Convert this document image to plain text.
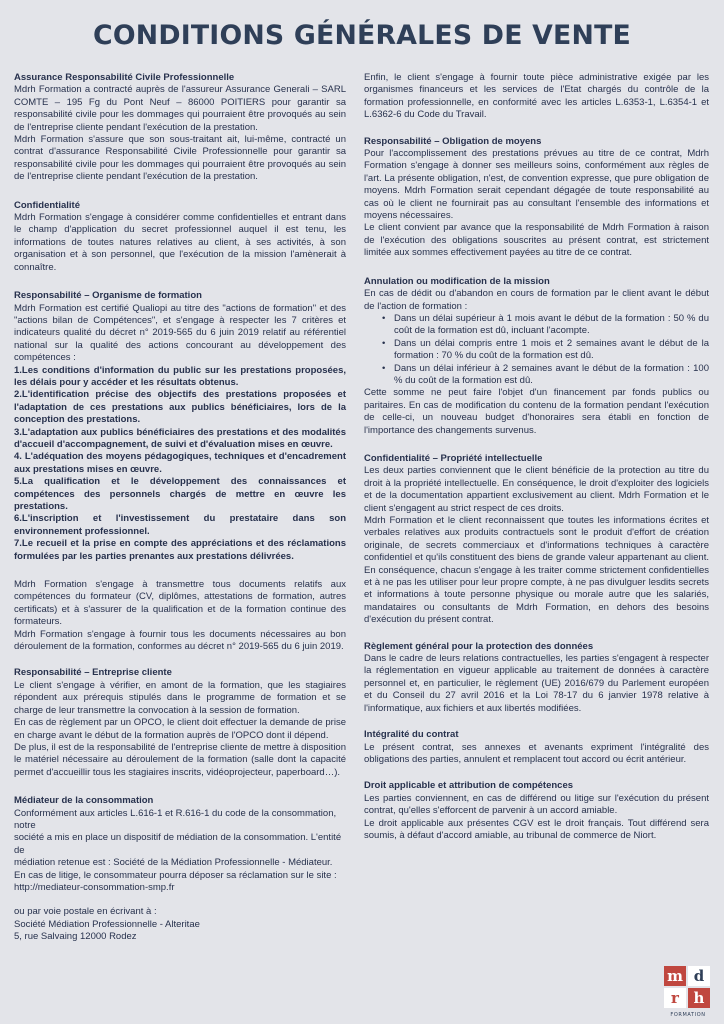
CONDITIONS GÉNÉRALES DE VENTE
Assurance Responsabilité Civile Professionnelle

Mdrh Formation a contracté auprès de l'assureur Assurance Generali – SARL COMTE – 195 Fg du Pont Neuf – 86000 POITIERS pour garantir sa responsabilité civile pour les dommages qui pourraient être provoqués au sein de l'entreprise cliente pendant l'exécution de la prestation.

Mdrh Formation s'assure que son sous-traitant ait, lui-même, contracté un contrat d'assurance Responsabilité Civile Professionnelle pour garantir sa responsabilité civile pour les dommages qui pourraient être provoqués au sein de l'entreprise cliente pendant l'exécution de la prestation.

Confidentialité

Mdrh Formation s'engage à considérer comme confidentielles et entrant dans le champ d'application du secret professionnel auquel il est tenu, les informations de toutes natures relatives au client, à ses activités, à son organisation et à son personnel, que l'exécution de la mission l'amènerait à connaître.

Responsabilité – Organisme de formation

Mdrh Formation est certifié Qualiopi au titre des "actions de formation" et des "actions bilan de Compétences", et s'engage à respecter les 7 critères et indicateurs qualité du décret n° 2019-565 du 6 juin 2019 relatif au référentiel national sur la qualité des actions concourant au développement des compétences :

1.Les conditions d'information du public sur les prestations proposées, les délais pour y accéder et les résultats obtenus.

2.L'identification précise des objectifs des prestations proposées et l'adaptation de ces prestations aux publics bénéficiaires, lors de la conception des prestations.

3.L'adaptation aux publics bénéficiaires des prestations et des modalités d'accueil d'accompagnement, de suivi et d'évaluation mises en œuvre.

4. L'adéquation des moyens pédagogiques, techniques et d'encadrement aux prestations mises en œuvre.

5.La qualification et le développement des connaissances et compétences des personnels chargés de mettre en œuvre les prestations.

6.L'inscription et l'investissement du prestataire dans son environnement professionnel.

7.Le recueil et la prise en compte des appréciations et des réclamations formulées par les parties prenantes aux prestations délivrées.

Mdrh Formation s'engage à transmettre tous documents relatifs aux compétences du formateur (CV, diplômes, attestations de formation, autres certificats) et à s'assurer de la qualification et de la formation continue des formateurs.

Mdrh Formation s'engage à fournir tous les documents nécessaires au bon déroulement de la formation, conformes au décret n° 2019-565 du 6 juin 2019.

Responsabilité – Entreprise cliente

Le client s'engage à vérifier, en amont de la formation, que les stagiaires répondent aux prérequis stipulés dans le programme de formation et se charge de leur transmettre la convocation à la session de formation.

En cas de règlement par un OPCO, le client doit effectuer la demande de prise en charge avant le début de la formation auprès de l'OPCO dont il dépend.

De plus, il est de la responsabilité de l'entreprise cliente de mettre à disposition le matériel nécessaire au déroulement de la formation (salle dont la capacité permet d'accueillir tous les stagiaires inscrits, vidéoprojecteur, paperboard…).

Médiateur de la consommation

Conformément aux articles L.616-1 et R.616-1 du code de la consommation, notre

société a mis en place un dispositif de médiation de la consommation. L'entité de

médiation retenue est : Société de la Médiation Professionnelle - Médiateur.

En cas de litige, le consommateur pourra déposer sa réclamation sur le site :

http://mediateur-consommation-smp.fr

ou par voie postale en écrivant à :

Société Médiation Professionnelle - Alteritae

5, rue Salvaing 12000 Rodez

Enfin, le client s'engage à fournir toute pièce administrative exigée par les organismes financeurs et les services de l'Etat chargés du contrôle de la formation professionnelle, en conformité avec les articles L.6353-1, L.6354-1 et L.6362-6 du Code du Travail.

Responsabilité – Obligation de moyens

Pour l'accomplissement des prestations prévues au titre de ce contrat, Mdrh Formation s'engage à donner ses meilleurs soins, conformément aux règles de l'art. La présente obligation, n'est, de convention expresse, que pure obligation de moyens. Mdrh Formation serait cependant dégagée de toute responsabilité au cas où le client ne fournirait pas au consultant l'ensemble des informations et moyens nécessaires.

Le client convient par avance que la responsabilité de Mdrh Formation à raison de l'exécution des obligations souscrites au présent contrat, est strictement limitée aux sommes effectivement payées au titre de ce contrat.

Annulation ou modification de la mission

En cas de dédit ou d'abandon en cours de formation par le client avant le début de l'action de formation :

• Dans un délai supérieur à 1 mois avant le début de la formation : 50 % du coût de la formation est dû, incluant l'acompte.
• Dans un délai compris entre 1 mois et 2 semaines avant le début de la formation : 70 % du coût de la formation est dû.
• Dans un délai inférieur à 2 semaines avant le début de la formation : 100 % du coût de la formation est dû.

Cette somme ne peut faire l'objet d'un financement par fonds publics ou paritaires. En cas de modification du contenu de la formation pendant l'exécution de celle-ci, un nouveau budget d'honoraires sera établi en fonction de l'importance des changements survenus.

Confidentialité – Propriété intellectuelle

Les deux parties conviennent que le client bénéficie de la protection au titre du droit à la propriété intellectuelle. En conséquence, le droit d'exploiter des logiciels et de la documentation appartient exclusivement au client. Mdrh Formation et le client s'engagent au strict respect de ces droits.

Mdrh Formation et le client reconnaissent que toutes les informations écrites et verbales relatives aux produits contractuels sont le produit d'effort de création originale, de secrets commerciaux et d'informations techniques à caractère confidentiel et qu'ils constituent des biens de grande valeur appartenant au client. En conséquence, chacun s'engage à les traiter comme strictement confidentielles et à ne pas les utiliser pour leur propre compte, à ne pas divulguer lesdits secrets et informations à toute personne physique ou morale autre que les salariés, mandataires ou consultants de Mdrh Formation, en dehors des besoins d'exécution du présent contrat.

Règlement général pour la protection des données

Dans le cadre de leurs relations contractuelles, les parties s'engagent à respecter la réglementation en vigueur applicable au traitement de données à caractère personnel et, en particulier, le règlement (UE) 2016/679 du Parlement européen et du Conseil du 27 avril 2016 et la Loi 78-17 du 6 janvier 1978 relative à l'informatique, aux fichiers et aux libertés modifiées.

Intégralité du contrat

Le présent contrat, ses annexes et avenants expriment l'intégralité des obligations des parties, annulent et remplacent tout accord ou écrit antérieur.

Droit applicable et attribution de compétences

Les parties conviennent, en cas de différend ou litige sur l'exécution du présent contrat, qu'elles s'efforcent de parvenir à un accord amiable.

Le droit applicable aux présentes CGV est le droit français. Tout différend sera soumis, à défaut d'accord amiable, au tribunal de commerce de Niort.

m d
r h
FORMATION
